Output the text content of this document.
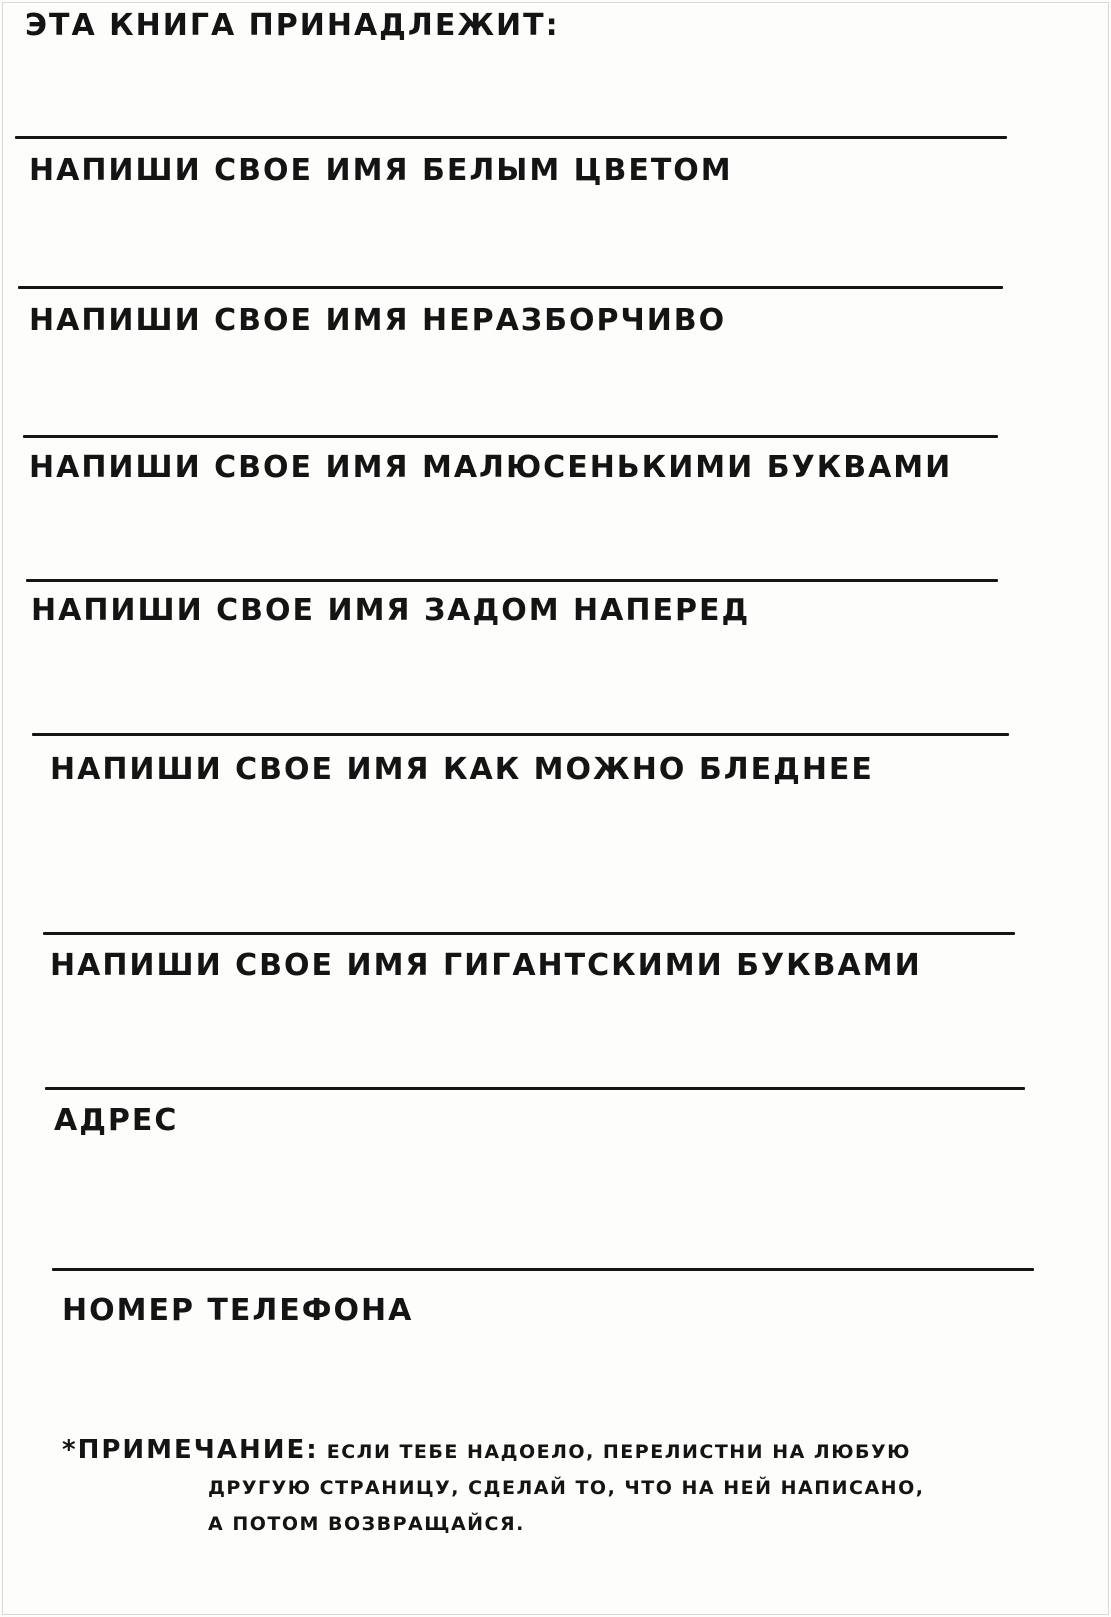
ЭТА КНИГА ПРИНАДЛЕЖИТ:
НАПИШИ СВОЕ ИМЯ БЕЛЫМ ЦВЕТОМ
НАПИШИ СВОЕ ИМЯ НЕРАЗБОРЧИВО
НАПИШИ СВОЕ ИМЯ МАЛЮСЕНЬКИМИ БУКВАМИ
НАПИШИ СВОЕ ИМЯ ЗАДОМ НАПЕРЕД
НАПИШИ СВОЕ ИМЯ КАК МОЖНО БЛЕДНЕЕ
НАПИШИ СВОЕ ИМЯ ГИГАНТСКИМИ БУКВАМИ
АДРЕС
НОМЕР ТЕЛЕФОНА
*ПРИМЕЧАНИЕ: ЕСЛИ ТЕБЕ НАДОЕЛО, ПЕРЕЛИСТНИ НА ЛЮБУЮ
ДРУГУЮ СТРАНИЦУ, СДЕЛАЙ ТО, ЧТО НА НЕЙ НАПИСАНО,
А ПОТОМ ВОЗВРАЩАЙСЯ.
